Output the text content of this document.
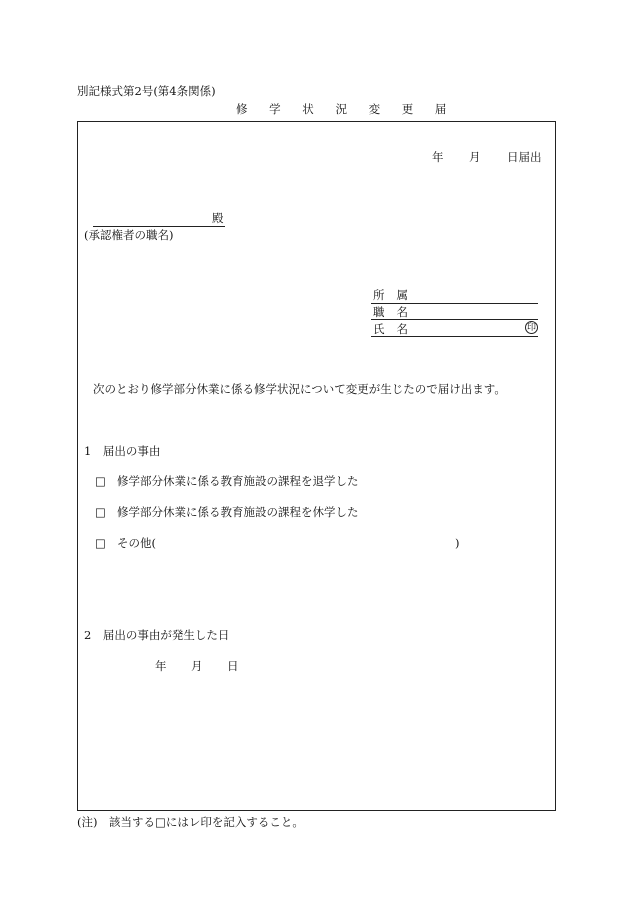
別記様式第2号(第4条関係)
修 学 状 況 変 更 届
年 月 日届出
殿
(承認権者の職名)
所属
職名
氏名	印
次のとおり修学部分休業に係る修学状況について変更が生じたので届け出ます。
1　届出の事由
□ 修学部分休業に係る教育施設の課程を退学した
□ 修学部分休業に係る教育施設の課程を休学した
□ その他(	)
2　届出の事由が発生した日
年 月 日
(注)　該当する□にはレ印を記入すること。
